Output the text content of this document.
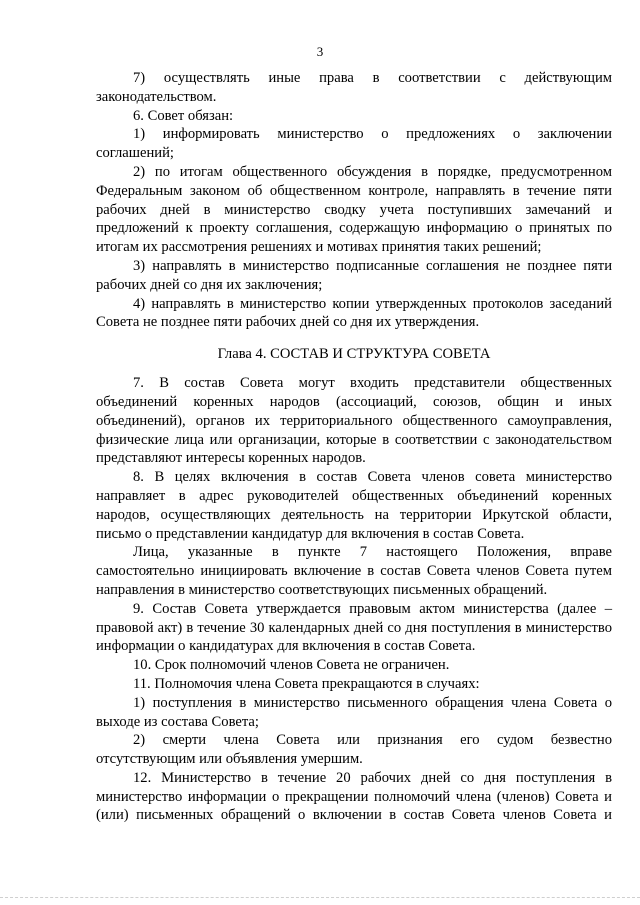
3

7) осуществлять иные права в соответствии с действующим

законодательством.

6. Совет обязан:

1) информировать министерство о предложениях о заключении

соглашений;

2) по итогам общественного обсуждения в порядке, предусмотренном

Федеральным законом об общественном контроле, направлять в течение пяти

рабочих дней в министерство сводку учета поступивших замечаний и

предложений к проекту соглашения, содержащую информацию о принятых по

итогам их рассмотрения решениях и мотивах принятия таких решений;

3) направлять в министерство подписанные соглашения не позднее пяти

рабочих дней со дня их заключения;

4) направлять в министерство копии утвержденных протоколов заседаний

Совета не позднее пяти рабочих дней со дня их утверждения.

Глава 4. СОСТАВ И СТРУКТУРА СОВЕТА

7. В состав Совета могут входить представители общественных

объединений коренных народов (ассоциаций, союзов, общин и иных

объединений), органов их территориального общественного самоуправления,

физические лица или организации, которые в соответствии с законодательством

представляют интересы коренных народов.

8. В целях включения в состав Совета членов совета министерство

направляет в адрес руководителей общественных объединений коренных

народов, осуществляющих деятельность на территории Иркутской области,

письмо о представлении кандидатур для включения в состав Совета.

Лица, указанные в пункте 7 настоящего Положения, вправе

самостоятельно инициировать включение в состав Совета членов Совета путем

направления в министерство соответствующих письменных обращений.

9. Состав Совета утверждается правовым актом министерства (далее –

правовой акт) в течение 30 календарных дней со дня поступления в министерство

информации о кандидатурах для включения в состав Совета.

10. Срок полномочий членов Совета не ограничен.

11. Полномочия члена Совета прекращаются в случаях:

1) поступления в министерство письменного обращения члена Совета о

выходе из состава Совета;

2) смерти члена Совета или признания его судом безвестно

отсутствующим или объявления умершим.

12. Министерство в течение 20 рабочих дней со дня поступления в

министерство информации о прекращении полномочий члена (членов) Совета и

(или) письменных обращений о включении в состав Совета членов Совета и
